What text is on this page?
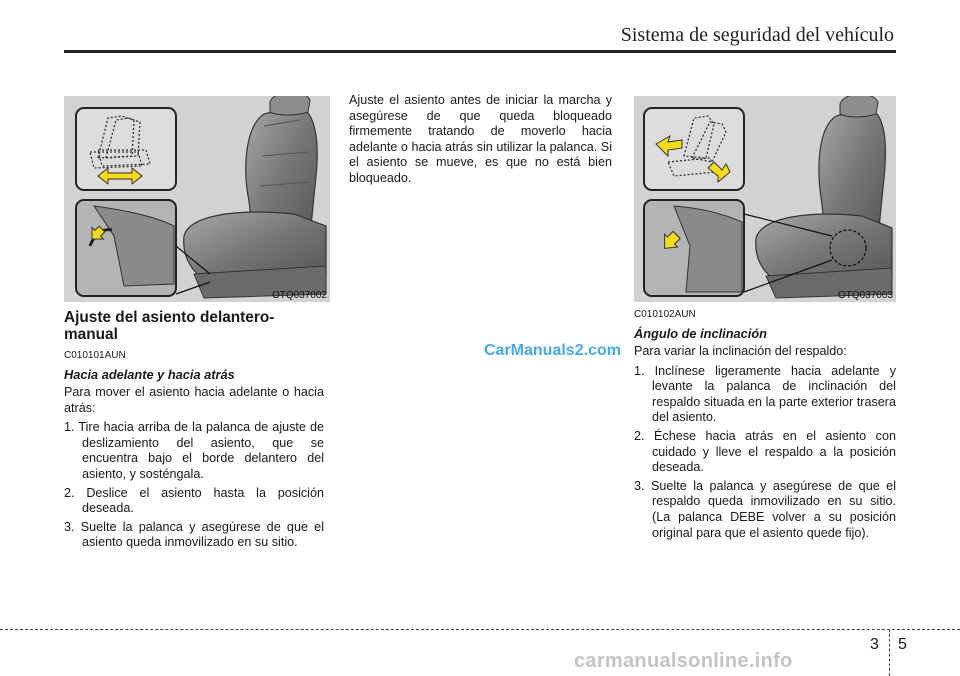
Sistema de seguridad del vehículo
OTQ037002	OTQ037003
Ajuste del asiento delantero-manual
C010101AUN
Hacia adelante y hacia atrás

Para mover el asiento hacia adelante o hacia atrás:

1. Tire hacia arriba de la palanca de ajuste de deslizamiento del asiento, que se encuentra bajo el borde delantero del asiento, y sosténgala.
2. Deslice el asiento hasta la posición deseada.
3. Suelte la palanca y asegúrese de que el asiento queda inmovilizado en su sitio.

Ajuste el asiento antes de iniciar la marcha y asegúrese de que queda bloqueado firmemente tratando de moverlo hacia adelante o hacia atrás sin utilizar la palanca. Si el asiento se mueve, es que no está bien bloqueado.

C010102AUN
Ángulo de inclinación

Para variar la inclinación del respaldo:

1. Inclínese ligeramente hacia adelante y levante la palanca de inclinación del respaldo situada en la parte exterior trasera del asiento.
2. Échese hacia atrás en el asiento con cuidado y lleve el respaldo a la posición deseada.
3. Suelte la palanca y asegúrese de que el respaldo queda inmovilizado en su sitio. (La palanca DEBE volver a su posición original para que el asiento quede fijo).
CarManuals2.com
3 5
carmanualsonline.info
